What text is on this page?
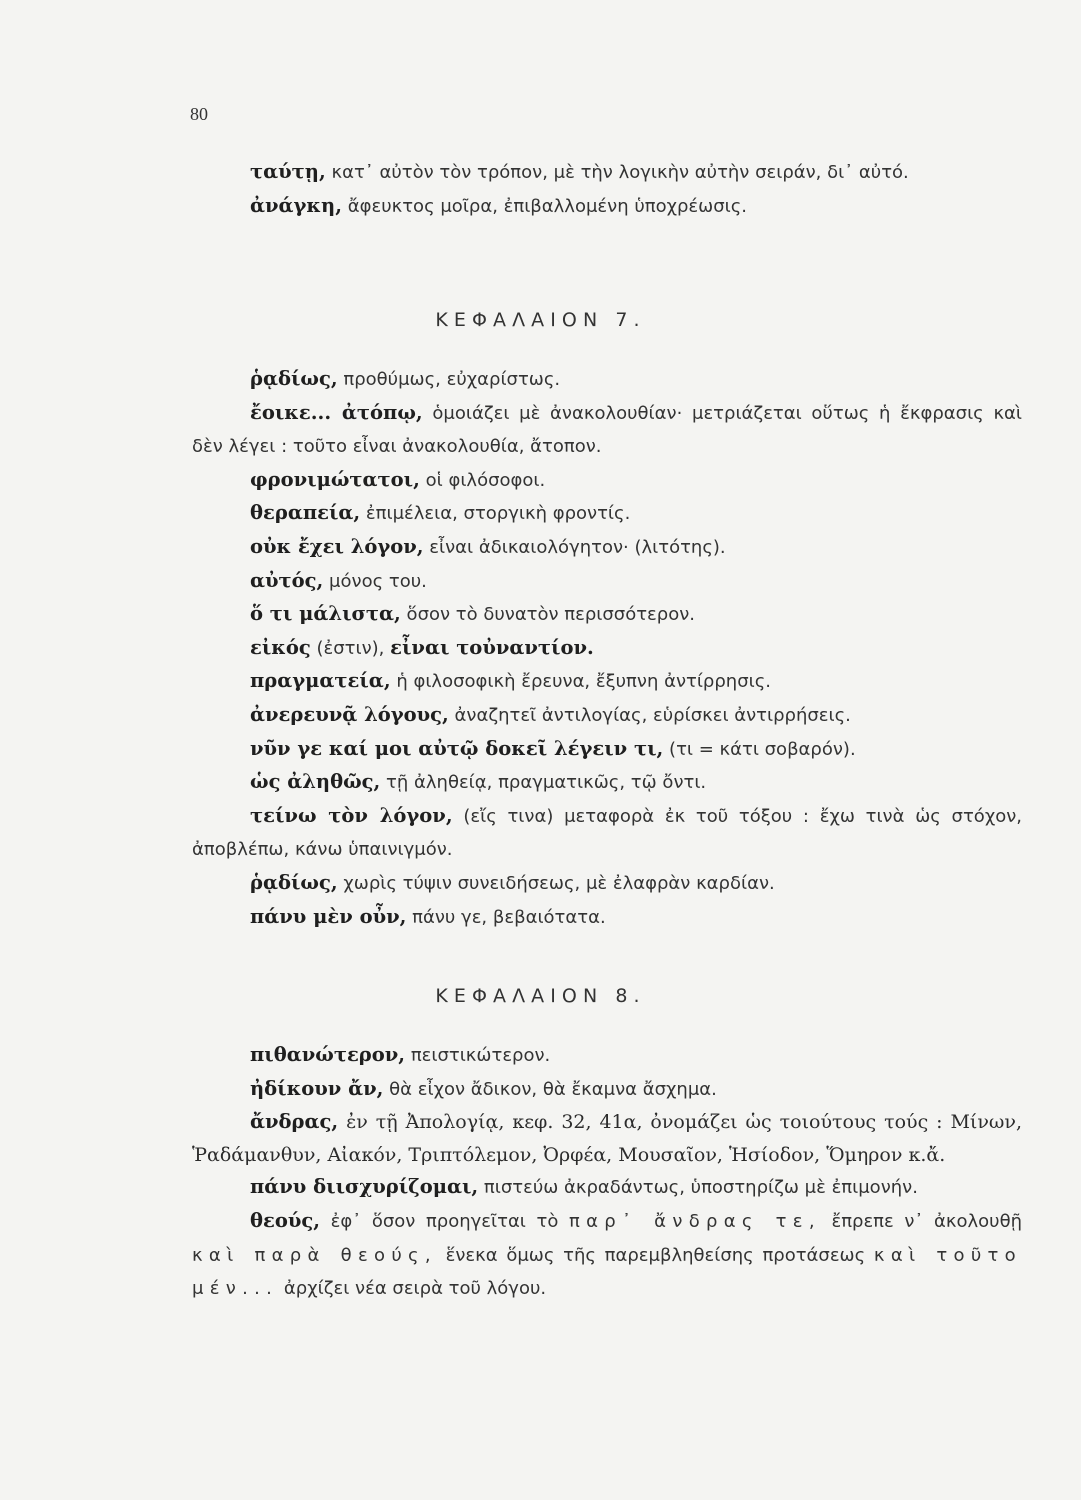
80

ταύτῃ, κατ᾽ αὐτὸν τὸν τρόπον, μὲ τὴν λογικὴν αὐτὴν σειράν, δι᾽ αὐτό.

ἀνάγκη, ἄφευκτος μοῖρα, ἐπιβαλλομένη ὑποχρέωσις.

ΚΕΦΑΛΑΙΟΝ 7.

ῥᾳδίως, προθύμως, εὐχαρίστως.

ἔοικε... ἀτόπῳ, ὁμοιάζει μὲ ἀνακολουθίαν· μετριάζεται οὕτως ἡ ἔκφρασις καὶ δὲν λέγει : τοῦτο εἶναι ἀνακολουθία, ἄτοπον.

φρονιμώτατοι, οἱ φιλόσοφοι.

θεραπεία, ἐπιμέλεια, στοργικὴ φροντίς.

οὐκ ἔχει λόγον, εἶναι ἀδικαιολόγητον· (λιτότης).

αὐτός, μόνος του.

ὅ τι μάλιστα, ὅσον τὸ δυνατὸν περισσότερον.

εἰκός (ἐστιν), εἶναι τοὐναντίον.

πραγματεία, ἡ φιλοσοφικὴ ἔρευνα, ἔξυπνη ἀντίρρησις.

ἀνερευνᾷ λόγους, ἀναζητεῖ ἀντιλογίας, εὑρίσκει ἀντιρρήσεις.

νῦν γε καί μοι αὐτῷ δοκεῖ λέγειν τι, (τι = κάτι σοβαρόν).

ὡς ἀληθῶς, τῇ ἀληθείᾳ, πραγματικῶς, τῷ ὄντι.

τείνω τὸν λόγον, (εἴς τινα) μεταφορὰ ἐκ τοῦ τόξου : ἔχω τινὰ ὡς στόχον, ἀποβλέπω, κάνω ὑπαινιγμόν.

ῥᾳδίως, χωρὶς τύψιν συνειδήσεως, μὲ ἐλαφρὰν καρδίαν.

πάνυ μὲν οὖν, πάνυ γε, βεβαιότατα.

ΚΕΦΑΛΑΙΟΝ 8.

πιθανώτερον, πειστικώτερον.

ἠδίκουν ἄν, θὰ εἶχον ἄδικον, θὰ ἔκαμνα ἄσχημα.

ἄνδρας, ἐν τῇ Ἀπολογίᾳ, κεφ. 32, 41α, ὀνομάζει ὡς τοιούτους τούς : Μίνων, Ῥαδάμανθυν, Αἰακόν, Τριπτόλεμον, Ὀρφέα, Μουσαῖον, Ἡσίοδον, Ὅμηρον κ.ἄ.

πάνυ διισχυρίζομαι, πιστεύω ἀκραδάντως, ὑποστηρίζω μὲ ἐπιμονήν.

θεούς, ἐφ᾽ ὅσον προηγεῖται τὸ παρ᾽ ἄνδρας τε, ἔπρεπε ν᾽ ἀκολουθῇ καὶ παρὰ θεούς, ἕνεκα ὅμως τῆς παρεμβληθείσης προτάσεως καὶ τοῦτο μέν... ἀρχίζει νέα σειρὰ τοῦ λόγου.
